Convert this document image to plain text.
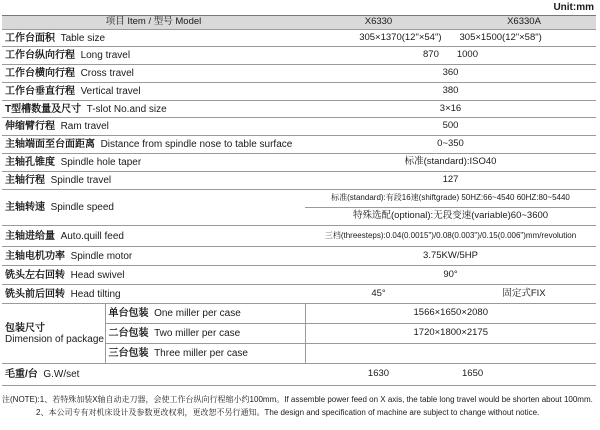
Unit:mm
项目 Item / 型号 Model		X6330	X6330A
工作台面积 Table size		305×1370(12"×54") 305×1500(12"×58")	

工作台纵向行程 Long travel		870 1000	

工作台横向行程 Cross travel		360	
工作台垂直行程 Vertical travel		380	
T型槽数量及尺寸 T-slot No.and size		3×16	
伸缩臂行程 Ram travel		500	
主轴端面至台面距离 Distance from spindle nose to table surface		0~350	
主轴孔锥度 Spindle hole taper		标准(standard):ISO40	
主轴行程 Spindle travel		127	
主轴转速 Spindle speed		标准(standard):有段16速(shiftgrade) 50HZ:66~4540 60HZ:80~5440	
		特殊选配(optional):无段变速(variable)60~3600	
主轴进给量 Auto.quill feed		三档(threesteps):0.04(0.0015")/0.08(0.003")/0.15(0.006")mm/revolution	
主轴电机功率 Spindle motor		3.75KW/5HP	
铣头左右回转 Head swivel		90°	
铣头前后回转 Head tilting		45°	固定式FIX
包装尺寸
Dimension of package	单台包装 One miller per case	1566×1650×2080	
	二台包装 Two miller per case	1720×1800×2175	
	三台包装 Three miller per case		
毛重/台 G.W/set		1630	1650
注(NOTE):1、若特殊加装X轴自动走刀器，会使工作台纵向行程缩小约100mm。If assemble power feed on X axis, the table long travel would be shorten about 100mm.
2、本公司专有对机床设计及参数更改权利，更改恕不另行通知。The design and specification of machine are subject to change without notice.
